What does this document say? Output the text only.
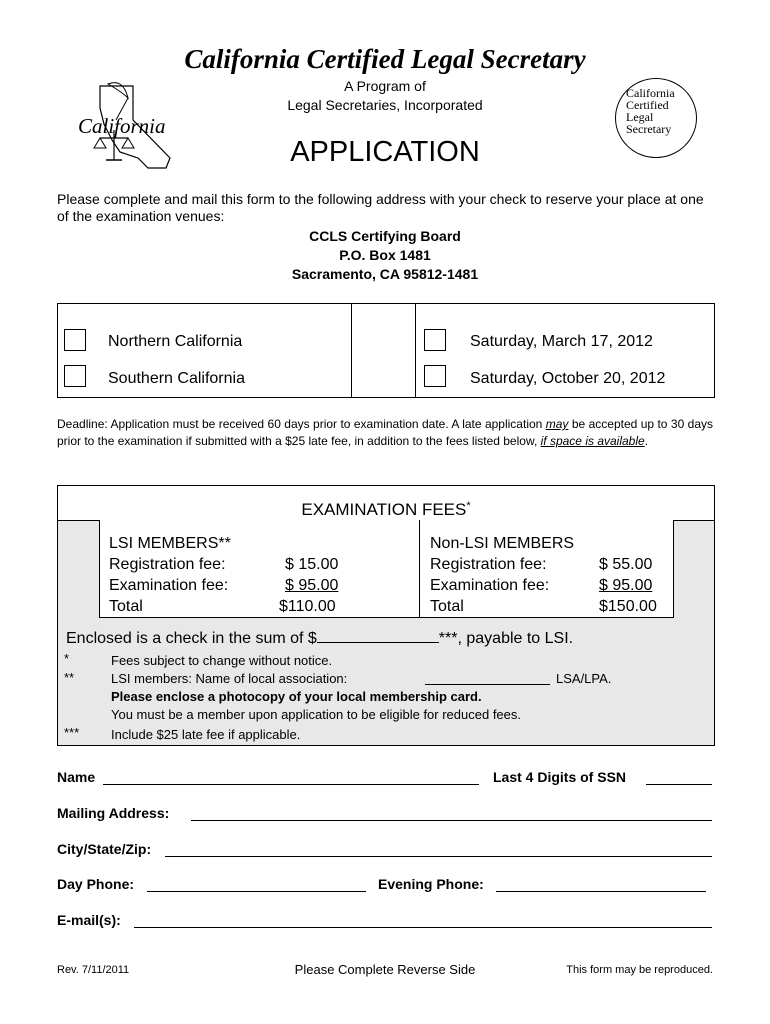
California Certified Legal Secretary
A Program of
Legal Secretaries, Incorporated
APPLICATION
California
California
Certified
Legal
Secretary
Please complete and mail this form to the following address with your check to reserve your place at one of the examination venues:
CCLS Certifying Board
P.O. Box 1481
Sacramento, CA 95812-1481
Northern California	Saturday, March 17, 2012
Southern California	Saturday, October 20, 2012
Deadline: Application must be received 60 days prior to examination date. A late application may be accepted up to 30 days prior to the examination if submitted with a $25 late fee, in addition to the fees listed below, if space is available.
EXAMINATION FEES*
LSI MEMBERS**
Registration fee:	$ 15.00
Examination fee:	$ 95.00
Total	$110.00
Non-LSI MEMBERS
Registration fee:	$ 55.00
Examination fee:	$ 95.00
Total	$150.00
Enclosed is a check in the sum of $	***, payable to LSI.
*	Fees subject to change without notice.
**	LSI members: Name of local association:	LSA/LPA.
Please enclose a photocopy of your local membership card.
You must be a member upon application to be eligible for reduced fees.
*** Include $25 late fee if applicable.
Name	Last 4 Digits of SSN
Mailing Address:
City/State/Zip:
Day Phone:	Evening Phone:
E-mail(s):
Rev. 7/11/2011	Please Complete Reverse Side	This form may be reproduced.
